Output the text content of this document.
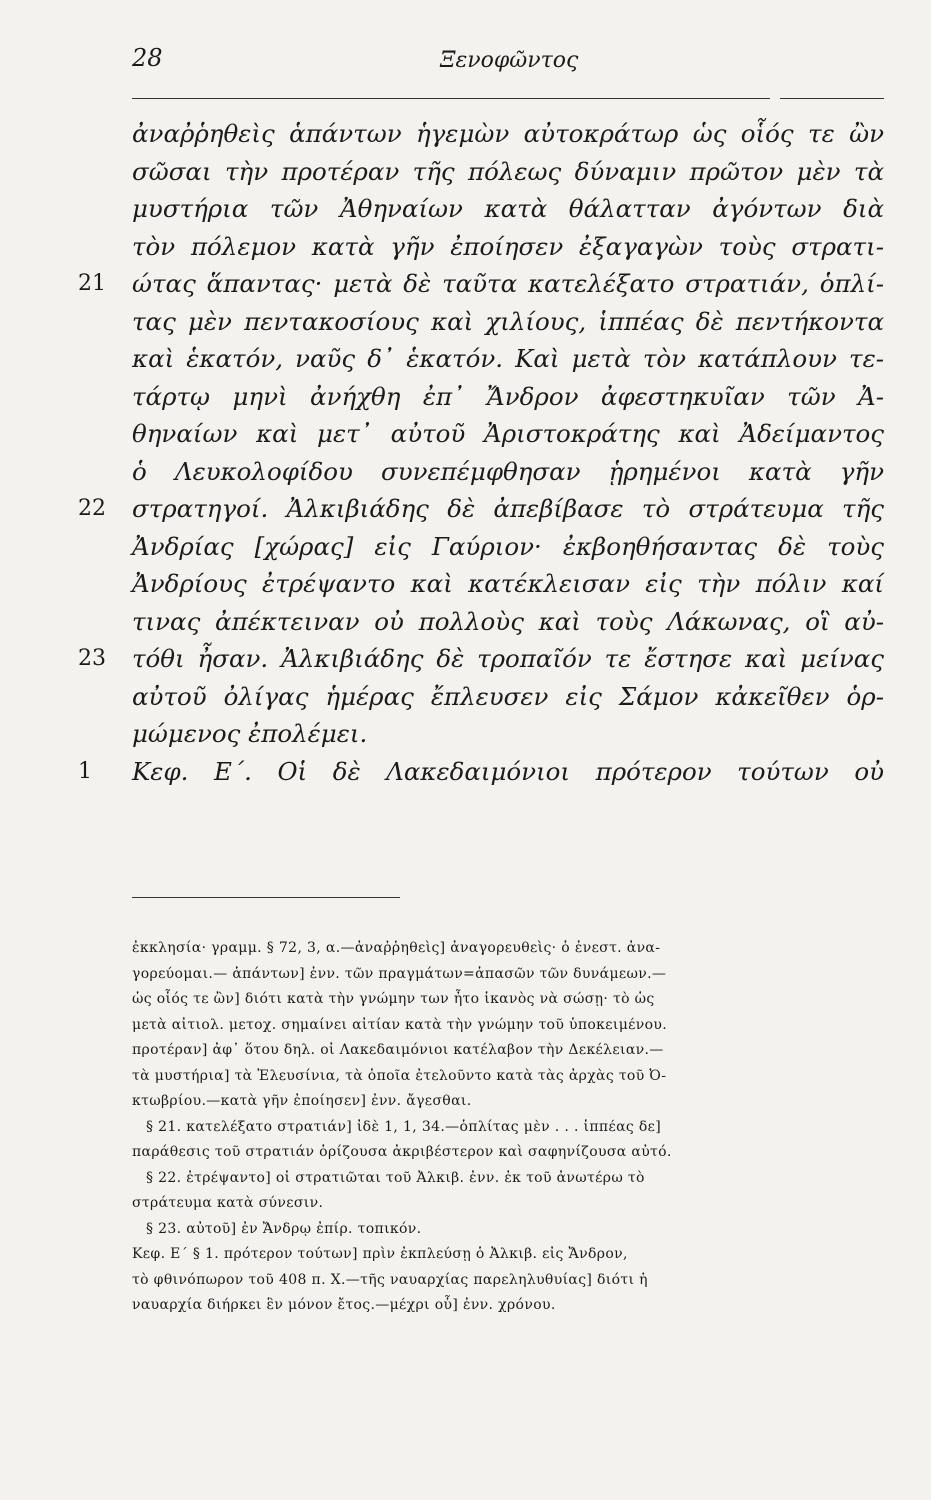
28	Ξενοφῶντος
ἀναῤῥηθεὶς ἁπάντων ἡγεμὼν αὐτοκράτωρ ὡς οἷός τε ὢν
σῶσαι τὴν προτέραν τῆς πόλεως δύναμιν πρῶτον μὲν τὰ
μυστήρια τῶν Ἀθηναίων κατὰ θάλατταν ἀγόντων διὰ
τὸν πόλεμον κατὰ γῆν ἐποίησεν ἐξαγαγὼν τοὺς στρατι-
21 ώτας ἅπαντας· μετὰ δὲ ταῦτα κατελέξατο στρατιάν, ὁπλί-
τας μὲν πεντακοσίους καὶ χιλίους, ἱππέας δὲ πεντήκοντα
καὶ ἑκατόν, ναῦς δ᾽ ἑκατόν. Καὶ μετὰ τὸν κατάπλουν τε-
τάρτῳ μηνὶ ἀνήχθη ἐπ᾽ Ἄνδρον ἀφεστηκυῖαν τῶν Ἀ-
θηναίων καὶ μετ᾽ αὐτοῦ Ἀριστοκράτης καὶ Ἀδείμαντος
ὁ Λευκολοφίδου συνεπέμφθησαν ᾑρημένοι κατὰ γῆν
22 στρατηγοί. Ἀλκιβιάδης δὲ ἀπεβίβασε τὸ στράτευμα τῆς
Ἀνδρίας [χώρας] εἰς Γαύριον· ἐκβοηθήσαντας δὲ τοὺς
Ἀνδρίους ἐτρέψαντο καὶ κατέκλεισαν εἰς τὴν πόλιν καί
τινας ἀπέκτειναν οὐ πολλοὺς καὶ τοὺς Λάκωνας, οἳ αὐ-
23 τόθι ἦσαν. Ἀλκιβιάδης δὲ τροπαῖόν τε ἔστησε καὶ μείνας
αὐτοῦ ὀλίγας ἡμέρας ἔπλευσεν εἰς Σάμον κἀκεῖθεν ὁρ-
μώμενος ἐπολέμει.
1 Κεφ. Ε΄. Οἱ δὲ Λακεδαιμόνιοι πρότερον τούτων οὐ
ἐκκλησία· γραμμ. § 72, 3, α.—ἀναῤῥηθεὶς] ἀναγορευθεὶς· ὁ ἐνεστ. ἀνα-
γορεύομαι.— ἁπάντων] ἐνν. τῶν πραγμάτων=ἁπασῶν τῶν δυνάμεων.—
ὡς οἷός τε ὢν] διότι κατὰ τὴν γνώμην των ἦτο ἱκανὸς νὰ σώσῃ· τὸ ὡς
μετὰ αἰτιολ. μετοχ. σημαίνει αἰτίαν κατὰ τὴν γνώμην τοῦ ὑποκειμένου.
προτέραν] ἀφ᾽ ὅτου δηλ. οἱ Λακεδαιμόνιοι κατέλαβον τὴν Δεκέλειαν.—
τὰ μυστήρια] τὰ Ἐλευσίνια, τὰ ὁποῖα ἐτελοῦντο κατὰ τὰς ἀρχὰς τοῦ Ὀ-
κτωβρίου.—κατὰ γῆν ἐποίησεν] ἐνν. ἄγεσθαι.
§ 21. κατελέξατο στρατιάν] ἰδὲ 1, 1, 34.—ὁπλίτας μὲν . . . ἱππέας δε]
παράθεσις τοῦ στρατιάν ὁρίζουσα ἀκριβέστερον καὶ σαφηνίζουσα αὐτό.
§ 22. ἐτρέψαντο] οἱ στρατιῶται τοῦ Ἀλκιβ. ἐνν. ἐκ τοῦ ἀνωτέρω τὸ
στράτευμα κατὰ σύνεσιν.
§ 23. αὐτοῦ] ἐν Ἄνδρῳ ἐπίρ. τοπικόν.
Κεφ. Ε΄ § 1. πρότερον τούτων] πρὶν ἐκπλεύσῃ ὁ Ἀλκιβ. εἰς Ἄνδρον,
τὸ φθινόπωρον τοῦ 408 π. Χ.—τῆς ναυαρχίας παρεληλυθυίας] διότι ἡ
ναυαρχία διήρκει ἓν μόνον ἔτος.—μέχρι οὗ] ἐνν. χρόνου.
